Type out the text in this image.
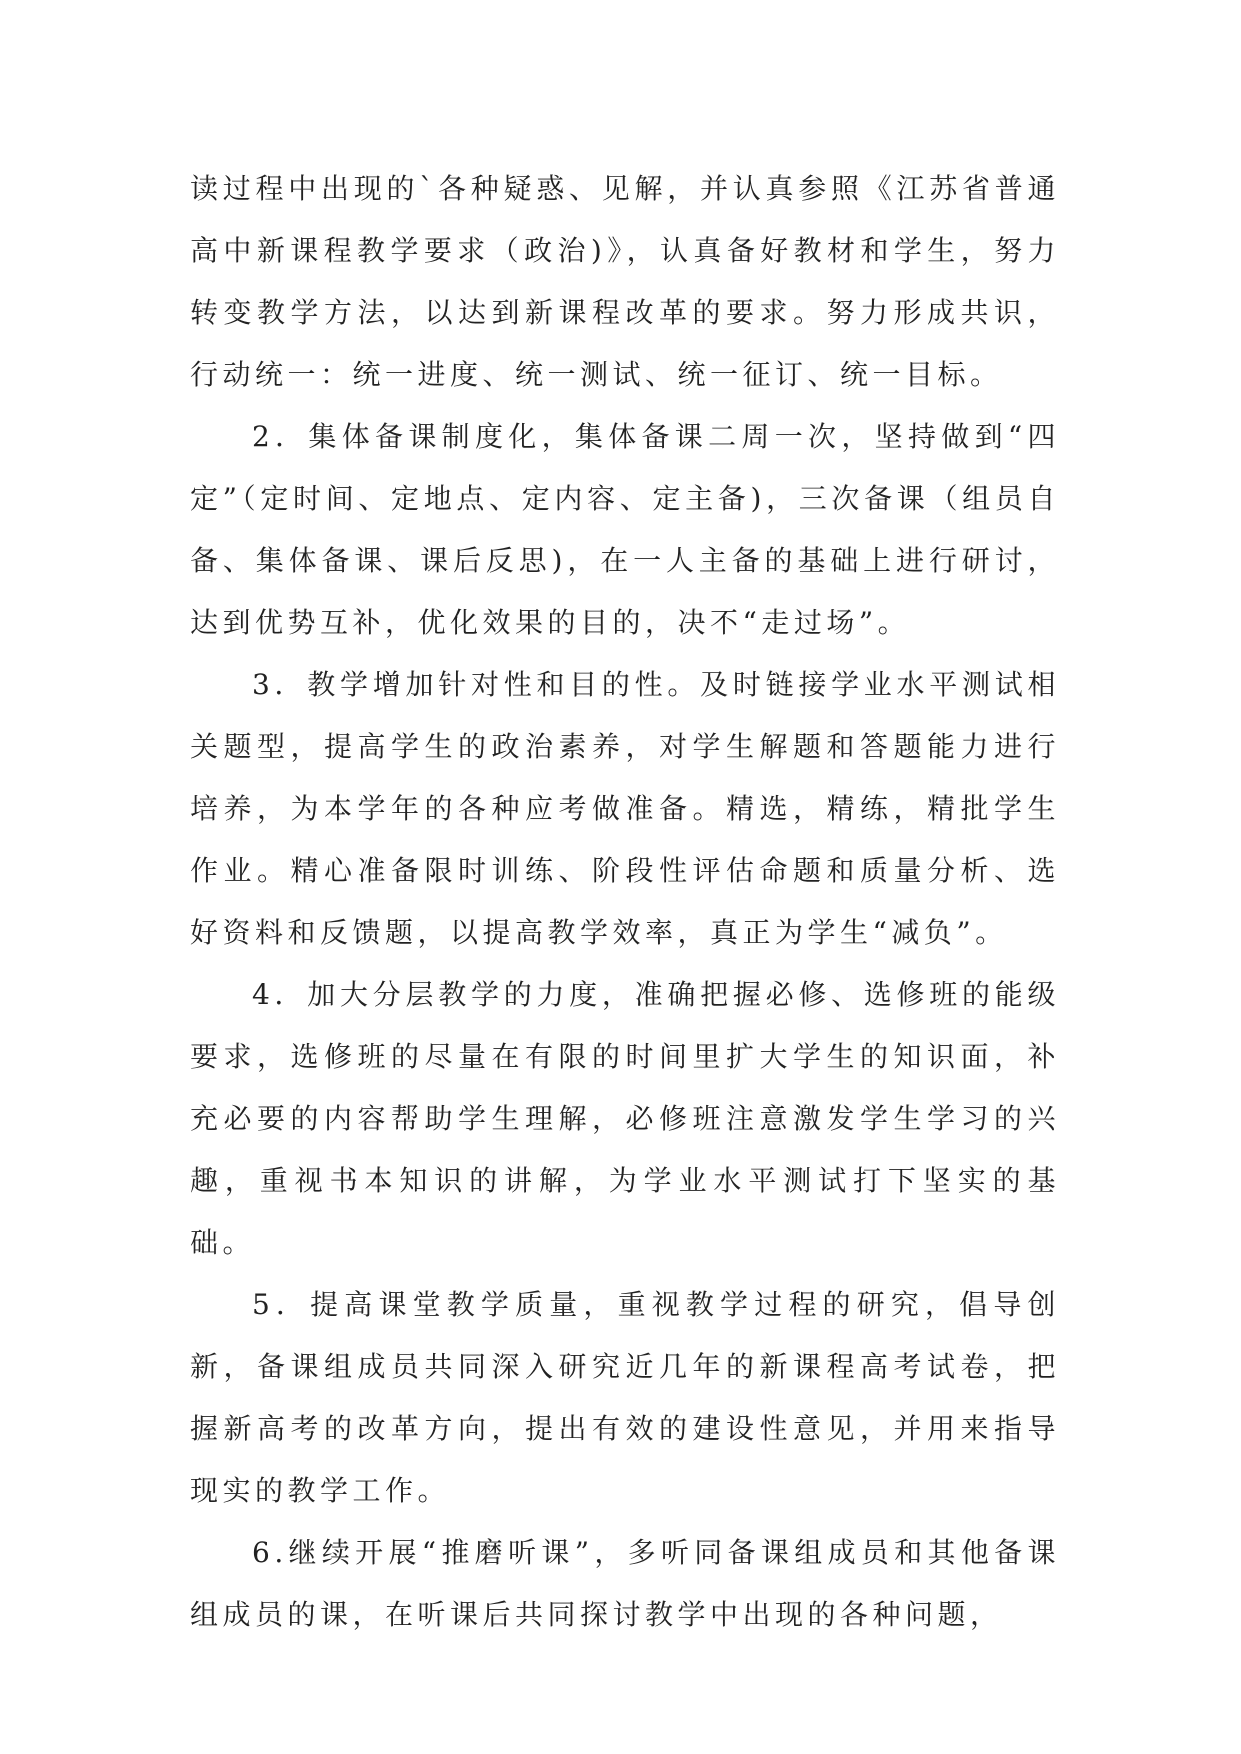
读过程中出现的`各种疑惑、见解，并认真参照《江苏省普通高中新课程教学要求（政治)》，认真备好教材和学生，努力转变教学方法，以达到新课程改革的要求。努力形成共识，行动统一：统一进度、统一测试、统一征订、统一目标。

2．集体备课制度化，集体备课二周一次，坚持做到“四定”（定时间、定地点、定内容、定主备)，三次备课（组员自备、集体备课、课后反思)，在一人主备的基础上进行研讨，达到优势互补，优化效果的目的，决不“走过场”。

3．教学增加针对性和目的性。及时链接学业水平测试相关题型，提高学生的政治素养，对学生解题和答题能力进行培养，为本学年的各种应考做准备。精选，精练，精批学生作业。精心准备限时训练、阶段性评估命题和质量分析、选好资料和反馈题，以提高教学效率，真正为学生“减负”。

4．加大分层教学的力度，准确把握必修、选修班的能级要求，选修班的尽量在有限的时间里扩大学生的知识面，补充必要的内容帮助学生理解，必修班注意激发学生学习的兴趣，重视书本知识的讲解，为学业水平测试打下坚实的基础。

5．提高课堂教学质量，重视教学过程的研究，倡导创新，备课组成员共同深入研究近几年的新课程高考试卷，把握新高考的改革方向，提出有效的建设性意见，并用来指导现实的教学工作。

6.继续开展“推磨听课”，多听同备课组成员和其他备课组成员的课，在听课后共同探讨教学中出现的各种问题，
